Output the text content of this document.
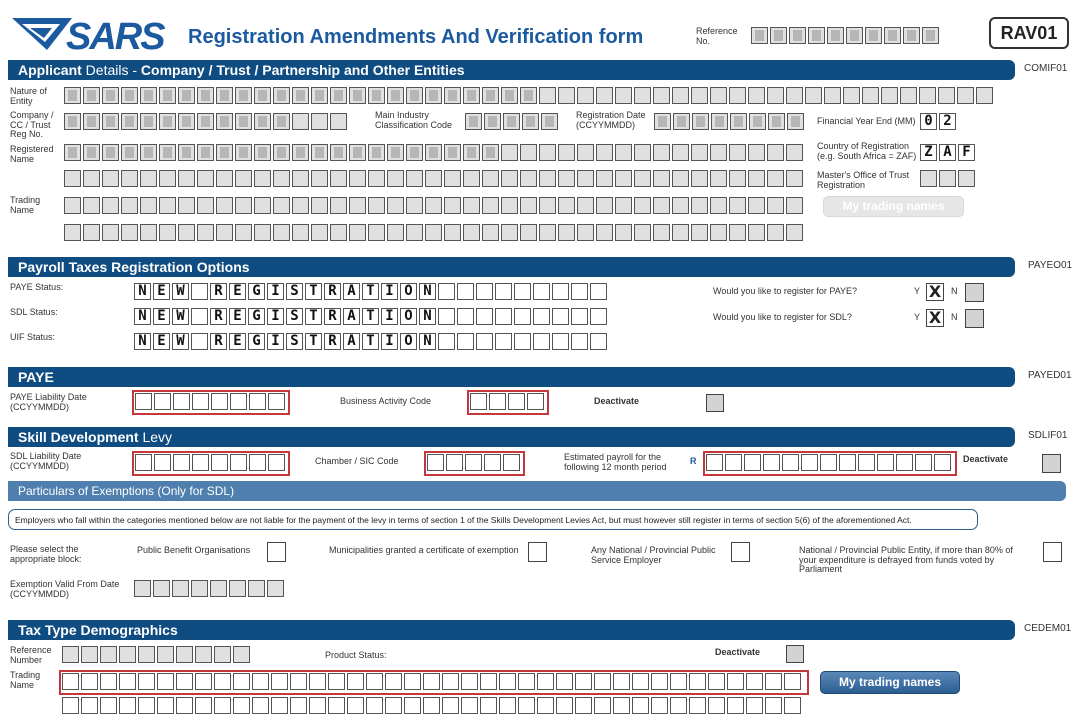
SARS Registration Amendments And Verification form	Reference No.	RAV01
Applicant Details - Company / Trust / Partnership and Other Entities	COMIF01
Nature of Entity
Company / CC / Trust Reg No.
Main Industry Classification Code
Registration Date (CCYYMMDD)	Financial Year End (MM) 0 2
Registered Name
Country of Registration (e.g. South Africa = ZAF) Z A F
Master's Office of Trust Registration
Trading Name	My trading names
Payroll Taxes Registration Options	PAYEO01
PAYE Status:	N E W	R E G I S T R A T I O N
SDL Status:	N E W	R E G I S T R A T I O N
UIF Status:	N E W	R E G I S T R A T I O N
Would you like to register for PAYE?	Y X	N
Would you like to register for SDL?	Y X	N
PAYE	PAYED01
PAYE Liability Date (CCYYMMDD)
Business Activity Code	Deactivate
Skill Development Levy	SDLIF01
SDL Liability Date (CCYYMMDD)	Chamber / SIC Code	Estimated payroll for the following 12 month period
R	Deactivate
Particulars of Exemptions (Only for SDL)
Employers who fall within the categories mentioned below are not liable for the payment of the levy in terms of section 1 of the Skills Development Levies Act, but must however still register in terms of section 5(6) of the aforementioned Act.
Please select the appropriate block:
Public Benefit Organisations	Municipalities granted a certificate of exemption	Any National / Provincial Public Service Employer
National / Provincial Public Entity, if more than 80% of your expenditure is defrayed from funds voted by Parliament
Exemption Valid From Date (CCYYMMDD)
Tax Type Demographics	CEDEM01
Reference Number	Product Status:	Deactivate
Trading Name	My trading names
